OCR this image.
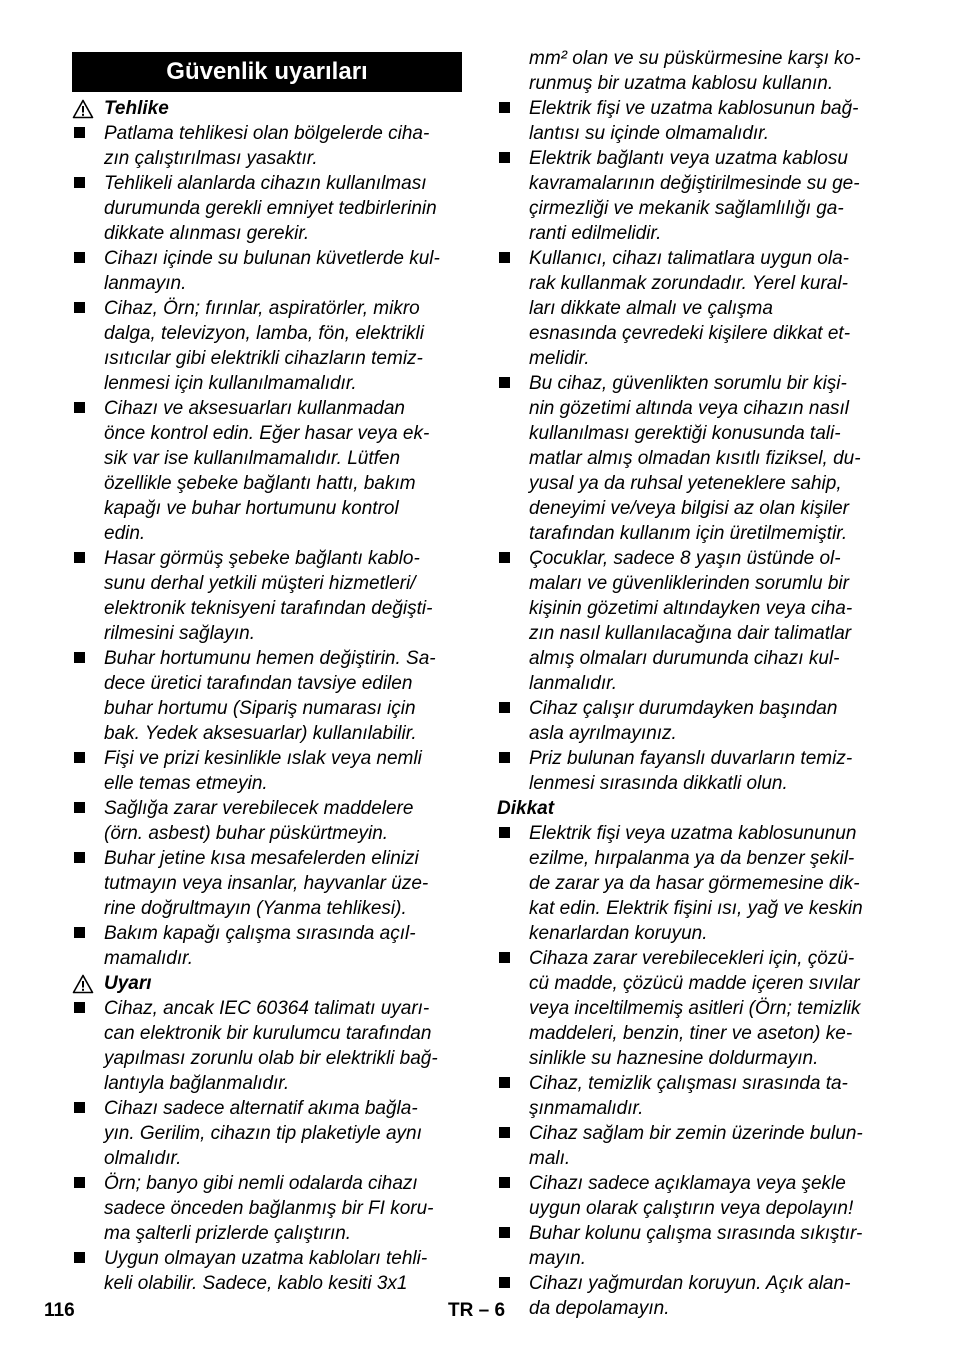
Güvenlik uyarıları
Tehlike
Patlama tehlikesi olan bölgelerde ciha-
zın çalıştırılması yasaktır.
Tehlikeli alanlarda cihazın kullanılması
durumunda gerekli emniyet tedbirlerinin
dikkate alınması gerekir.
Cihazı içinde su bulunan küvetlerde kul-
lanmayın.
Cihaz, Örn; fırınlar, aspiratörler, mikro
dalga, televizyon, lamba, fön, elektrikli
ısıtıcılar gibi elektrikli cihazların temiz-
lenmesi için kullanılmamalıdır.
Cihazı ve aksesuarları kullanmadan
önce kontrol edin. Eğer hasar veya ek-
sik var ise kullanılmamalıdır. Lütfen
özellikle şebeke bağlantı hattı, bakım
kapağı ve buhar hortumunu kontrol
edin.
Hasar görmüş şebeke bağlantı kablo-
sunu derhal yetkili müşteri hizmetleri/
elektronik teknisyeni tarafından değişti-
rilmesini sağlayın.
Buhar hortumunu hemen değiştirin. Sa-
dece üretici tarafından tavsiye edilen
buhar hortumu (Sipariş numarası için
bak. Yedek aksesuarlar) kullanılabilir.
Fişi ve prizi kesinlikle ıslak veya nemli
elle temas etmeyin.
Sağlığa zarar verebilecek maddelere
(örn. asbest) buhar püskürtmeyin.
Buhar jetine kısa mesafelerden elinizi
tutmayın veya insanlar, hayvanlar üze-
rine doğrultmayın (Yanma tehlikesi).
Bakım kapağı çalışma sırasında açıl-
mamalıdır.
Uyarı
Cihaz, ancak IEC 60364 talimatı uyarı-
can elektronik bir kurulumcu tarafından
yapılması zorunlu olab bir elektrikli bağ-
lantıyla bağlanmalıdır.
Cihazı sadece alternatif akıma bağla-
yın. Gerilim, cihazın tip plaketiyle aynı
olmalıdır.
Örn; banyo gibi nemli odalarda cihazı
sadece önceden bağlanmış bir FI koru-
ma şalterli prizlerde çalıştırın.
Uygun olmayan uzatma kabloları tehli-
keli olabilir. Sadece, kablo kesiti 3x1
mm² olan ve su püskürmesine karşı ko-
runmuş bir uzatma kablosu kullanın.
Elektrik fişi ve uzatma kablosunun bağ-
lantısı su içinde olmamalıdır.
Elektrik bağlantı veya uzatma kablosu
kavramalarının değiştirilmesinde su ge-
çirmezliği ve mekanik sağlamlılığı ga-
ranti edilmelidir.
Kullanıcı, cihazı talimatlara uygun ola-
rak kullanmak zorundadır. Yerel kural-
ları dikkate almalı ve çalışma
esnasında çevredeki kişilere dikkat et-
melidir.
Bu cihaz, güvenlikten sorumlu bir kişi-
nin gözetimi altında veya cihazın nasıl
kullanılması gerektiği konusunda tali-
matlar almış olmadan kısıtlı fiziksel, du-
yusal ya da ruhsal yeteneklere sahip,
deneyimi ve/veya bilgisi az olan kişiler
tarafından kullanım için üretilmemiştir.
Çocuklar, sadece 8 yaşın üstünde ol-
maları ve güvenliklerinden sorumlu bir
kişinin gözetimi altındayken veya ciha-
zın nasıl kullanılacağına dair talimatlar
almış olmaları durumunda cihazı kul-
lanmalıdır.
Cihaz çalışır durumdayken başından
asla ayrılmayınız.
Priz bulunan fayanslı duvarların temiz-
lenmesi sırasında dikkatli olun.
Dikkat
Elektrik fişi veya uzatma kablosununun
ezilme, hırpalanma ya da benzer şekil-
de zarar ya da hasar görmemesine dik-
kat edin. Elektrik fişini ısı, yağ ve keskin
kenarlardan koruyun.
Cihaza zarar verebilecekleri için, çözü-
cü madde, çözücü madde içeren sıvılar
veya inceltilmemiş asitleri (Örn; temizlik
maddeleri, benzin, tiner ve aseton) ke-
sinlikle su haznesine doldurmayın.
Cihaz, temizlik çalışması sırasında ta-
şınmamalıdır.
Cihaz sağlam bir zemin üzerinde bulun-
malı.
Cihazı sadece açıklamaya veya şekle
uygun olarak çalıştırın veya depolayın!
Buhar kolunu çalışma sırasında sıkıştır-
mayın.
Cihazı yağmurdan koruyun. Açık alan-
da depolamayın.
116	TR – 6
